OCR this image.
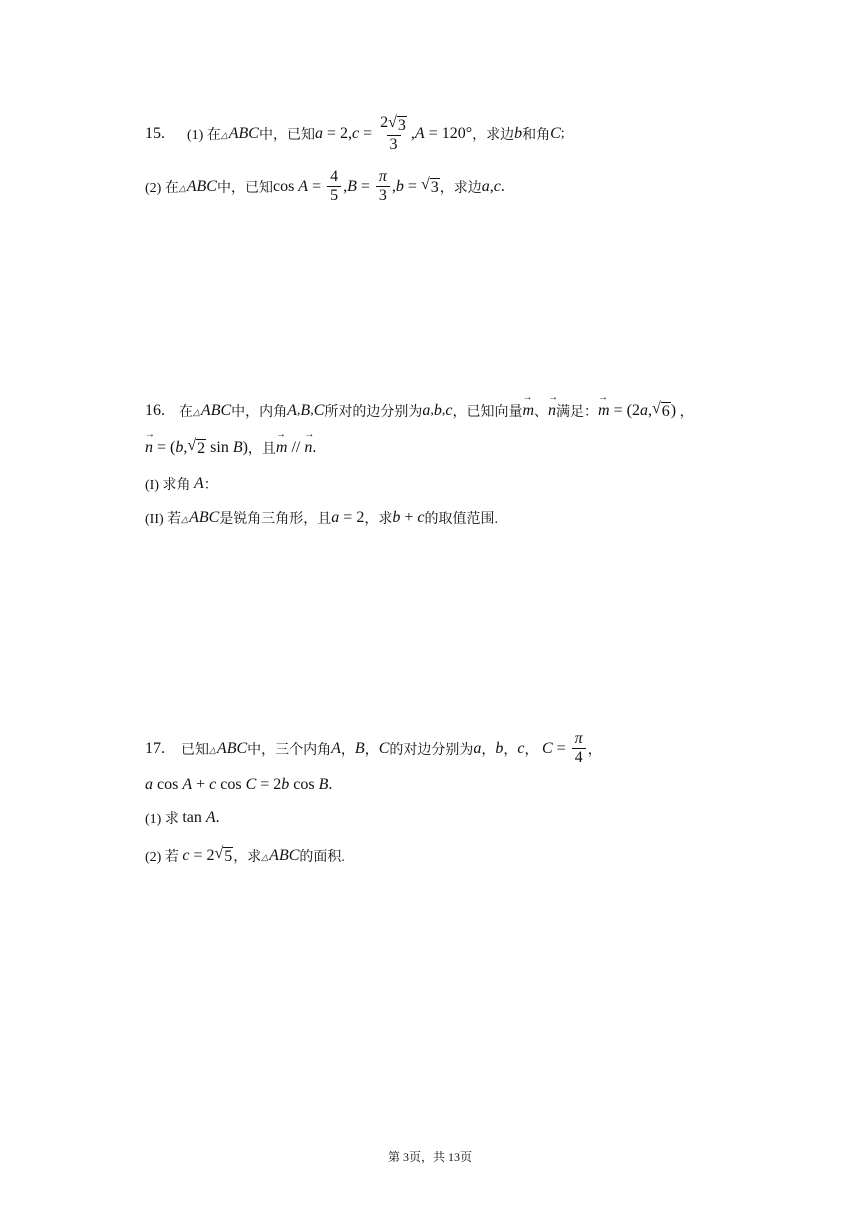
15. (1) 在 △ABC 中，已知 a = 2, $c = \frac{2 √ 3}{3}$ , A = 120° ，求边 b 和角 C ;
(2) 在 △ABC 中，已知 $\cos A = \frac{4}{5}$ , $B = \frac{\pi}{3}$ , b = √ 3 ，求边 a , c .
16. 在 △ABC 中，内角 A , B , C 所对的边分别为 a , b , c ，已知向量 → m 、 → n 满足： → m = (2 a , √ 6 ) ，
→ n = ( b , √ 2 sin B ) ，且 → m // → n .
(I) 求角
A ：
(II) 若 △ABC 是锐角三角形，且 a = 2 ，求 b + c 的取值范围.
17. 已知 △ABC 中，三个内角 A ， B ， C 的对边分别为 a ， b ， c ， $C = \frac{\pi}{4}$ ，
a cos A + c cos C = 2 b cos B .
(1) 求
tan A .
(2) 若
c = 2 √ 5 ，求 △ABC 的面积.
第 3页，共 13页
